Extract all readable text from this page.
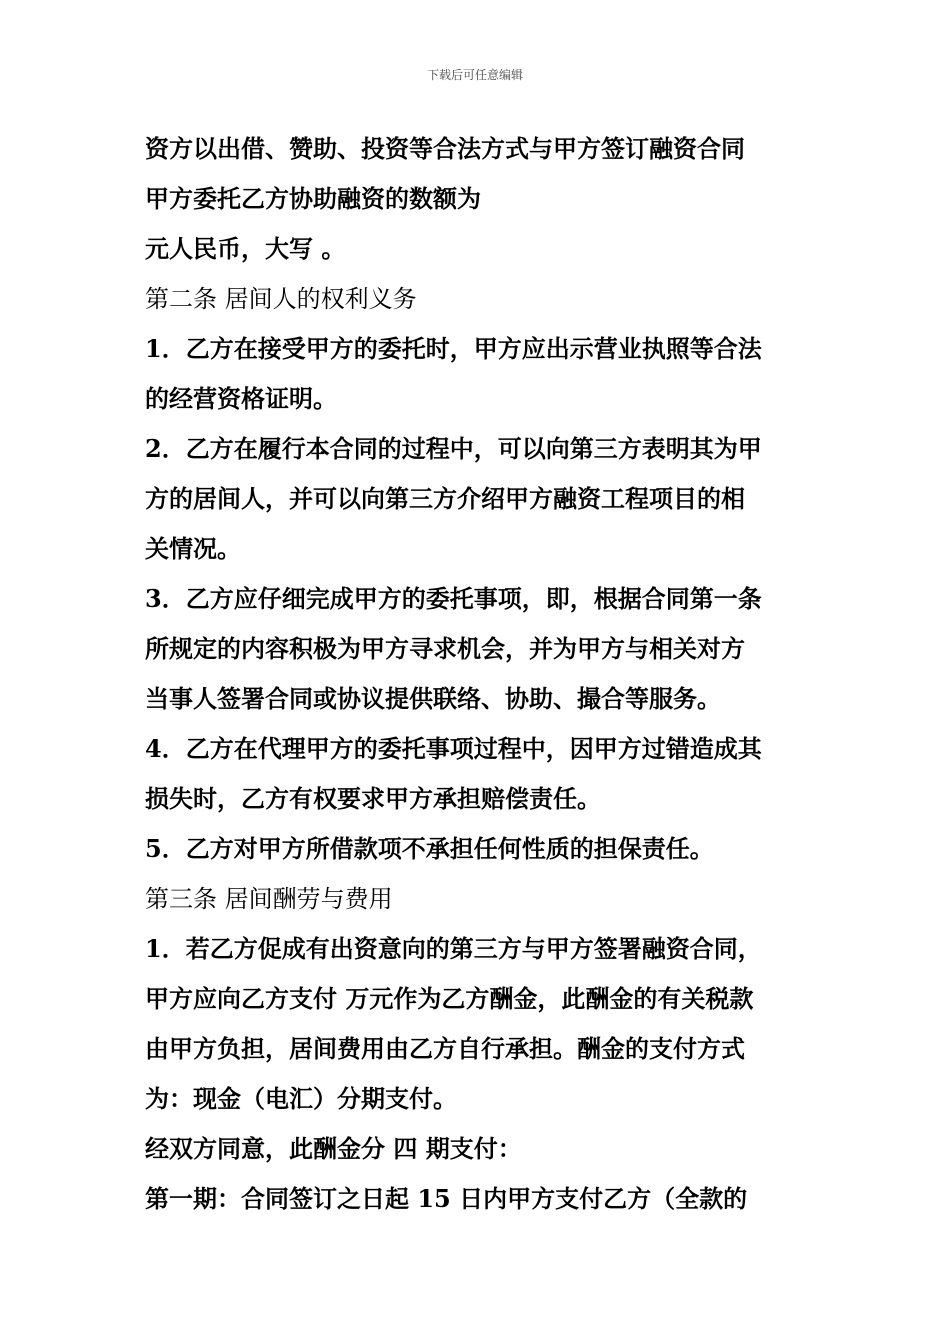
下载后可任意编辑
资方以出借、赞助、投资等合法方式与甲方签订融资合同
甲方委托乙方协助融资的数额为
元人民币，大写 。
第二条 居间人的权利义务
1．乙方在接受甲方的委托时，甲方应出示营业执照等合法
的经营资格证明。
2．乙方在履行本合同的过程中，可以向第三方表明其为甲
方的居间人，并可以向第三方介绍甲方融资工程项目的相
关情况。
3．乙方应仔细完成甲方的委托事项，即，根据合同第一条
所规定的内容积极为甲方寻求机会，并为甲方与相关对方
当事人签署合同或协议提供联络、协助、撮合等服务。
4．乙方在代理甲方的委托事项过程中，因甲方过错造成其
损失时，乙方有权要求甲方承担赔偿责任。
5．乙方对甲方所借款项不承担任何性质的担保责任。
第三条 居间酬劳与费用
1．若乙方促成有出资意向的第三方与甲方签署融资合同，
甲方应向乙方支付 万元作为乙方酬金，此酬金的有关税款
由甲方负担，居间费用由乙方自行承担。酬金的支付方式
为：现金（电汇）分期支付。
经双方同意，此酬金分 四 期支付：
第一期：合同签订之日起 15 日内甲方支付乙方（全款的
